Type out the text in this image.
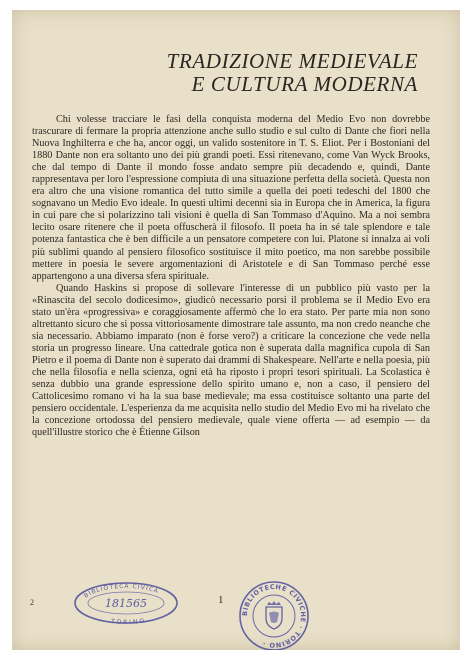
TRADIZIONE MEDIEVALE
E CULTURA MODERNA

Chi volesse tracciare le fasi della conquista moderna del Medio Evo non dovrebbe trascurare di fermare la propria attenzione anche sullo studio e sul culto di Dante che fiori nella Nuova Inghilterra e che ha, ancor oggi, un valido sostenitore in T. S. Eliot. Per i Bostoniani del 1880 Dante non era soltanto uno dei più grandi poeti. Essi ritenevano, come Van Wyck Brooks, che dal tempo di Dante il mondo fosse andato sempre più decadendo e, quindi, Dante rappresentava per loro l'espressione compiuta di una situazione perfetta della società. Questa non era altro che una visione romantica del tutto simile a quella dei poeti tedeschi del 1800 che sognavano un Medio Evo ideale. In questi ultimi decenni sia in Europa che in America, la figura in cui pare che si polarizzino tali visioni è quella di San Tommaso d'Aquino. Ma a noi sembra lecito osare ritenere che il poeta offuscherà il filosofo. Il poeta ha in sé tale splendore e tale potenza fantastica che è ben difficile a un pensatore competere con lui. Platone si innalza ai voli più sublimi quando al pensiero filosofico sostituisce il mito poetico, ma non sarebbe possibile mettere in poesia le severe argomentazioni di Aristotele e di San Tommaso perché esse appartengono a una diversa sfera spirituale.

Quando Haskins si propose di sollevare l'interesse di un pubblico più vasto per la «Rinascita del secolo dodicesimo», giudicò necessario porsi il problema se il Medio Evo era stato un'èra «progressiva» e coraggiosamente affermò che lo era stato. Per parte mia non sono altrettanto sicuro che si possa vittoriosamente dimostrare tale assunto, ma non credo neanche che sia necessario. Abbiamo imparato (non è forse vero?) a criticare la concezione che vede nella storia un progresso lineare. Una cattedrale gotica non è superata dalla magnifica cupola di San Pietro e il poema di Dante non è superato dai drammi di Shakespeare. Nell'arte e nella poesia, più che nella filosofia e nella scienza, ogni età ha riposto i propri tesori spirituali. La Scolastica è senza dubbio una grande espressione dello spirito umano e, non a caso, il pensiero del Cattolicesimo romano vi ha la sua base medievale; ma essa costituisce soltanto una parte del pensiero occidentale. L'esperienza da me acquisita nello studio del Medio Evo mi ha rivelato che la concezione ortodossa del pensiero medievale, quale viene offerta — ad esempio — da quell'illustre storico che è Étienne Gilson

2	1
BIBLIOTECA CIVICA
TORINO
181565
BIBLIOTECHE CIVICHE · TORINO ·
